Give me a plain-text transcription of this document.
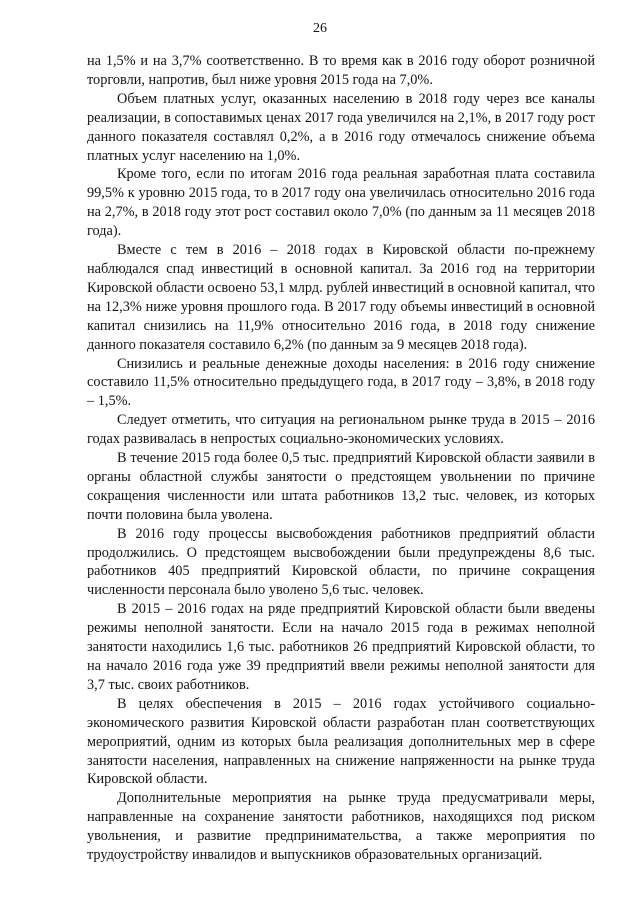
26

на 1,5% и на 3,7% соответственно. В то время как в 2016 году оборот розничной торговли, напротив, был ниже уровня 2015 года на 7,0%.

Объем платных услуг, оказанных населению в 2018 году через все каналы реализации, в сопоставимых ценах 2017 года увеличился на 2,1%, в 2017 году рост данного показателя составлял 0,2%, а в 2016 году отмечалось снижение объема платных услуг населению на 1,0%.

Кроме того, если по итогам 2016 года реальная заработная плата составила 99,5% к уровню 2015 года, то в 2017 году она увеличилась относительно 2016 года на 2,7%, в 2018 году этот рост составил около 7,0% (по данным за 11 месяцев 2018 года).

Вместе с тем в 2016 – 2018 годах в Кировской области по-прежнему наблюдался спад инвестиций в основной капитал. За 2016 год на территории Кировской области освоено 53,1 млрд. рублей инвестиций в основной капитал, что на 12,3% ниже уровня прошлого года. В 2017 году объемы инвестиций в основной капитал снизились на 11,9% относительно 2016 года, в 2018 году снижение данного показателя составило 6,2% (по данным за 9 месяцев 2018 года).

Снизились и реальные денежные доходы населения: в 2016 году снижение составило 11,5% относительно предыдущего года, в 2017 году – 3,8%, в 2018 году – 1,5%.

Следует отметить, что ситуация на региональном рынке труда в 2015 – 2016 годах развивалась в непростых социально-экономических условиях.

В течение 2015 года более 0,5 тыс. предприятий Кировской области заявили в органы областной службы занятости о предстоящем увольнении по причине сокращения численности или штата работников 13,2 тыс. человек, из которых почти половина была уволена.

В 2016 году процессы высвобождения работников предприятий области продолжились. О предстоящем высвобождении были предупреждены 8,6 тыс. работников 405 предприятий Кировской области, по причине сокращения численности персонала было уволено 5,6 тыс. человек.

В 2015 – 2016 годах на ряде предприятий Кировской области были введены режимы неполной занятости. Если на начало 2015 года в режимах неполной занятости находились 1,6 тыс. работников 26 предприятий Кировской области, то на начало 2016 года уже 39 предприятий ввели режимы неполной занятости для 3,7 тыс. своих работников.

В целях обеспечения в 2015 – 2016 годах устойчивого социально-экономического развития Кировской области разработан план соответствующих мероприятий, одним из которых была реализация дополнительных мер в сфере занятости населения, направленных на снижение напряженности на рынке труда Кировской области.

Дополнительные мероприятия на рынке труда предусматривали меры, направленные на сохранение занятости работников, находящихся под риском увольнения, и развитие предпринимательства, а также мероприятия по трудоустройству инвалидов и выпускников образовательных организаций.
